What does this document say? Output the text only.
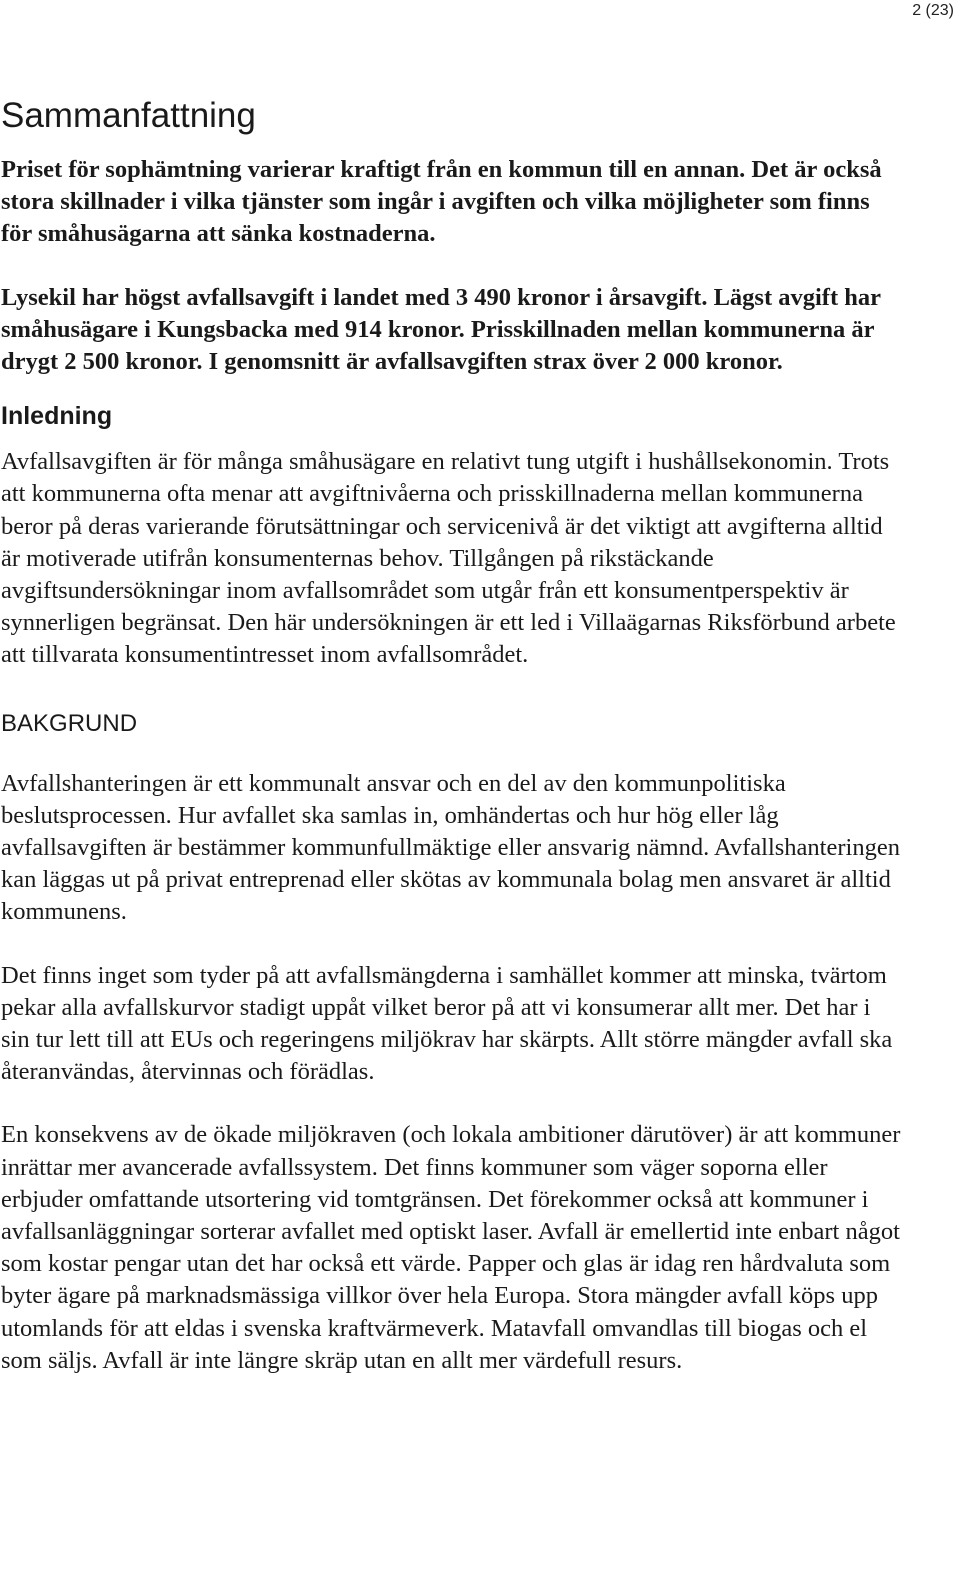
2 (23)
Sammanfattning

Priset för sophämtning varierar kraftigt från en kommun till en annan. Det är också stora skillnader i vilka tjänster som ingår i avgiften och vilka möjligheter som finns för småhusägarna att sänka kostnaderna.

Lysekil har högst avfallsavgift i landet med 3 490 kronor i årsavgift. Lägst avgift har småhusägare i Kungsbacka med 914 kronor. Prisskillnaden mellan kommunerna är drygt 2 500 kronor. I genomsnitt är avfallsavgiften strax över 2 000 kronor.

Inledning

Avfallsavgiften är för många småhusägare en relativt tung utgift i hushållsekonomin. Trots att kommunerna ofta menar att avgiftnivåerna och prisskillnaderna mellan kommunerna beror på deras varierande förutsättningar och servicenivå är det viktigt att avgifterna alltid är motiverade utifrån konsumenternas behov. Tillgången på rikstäckande avgiftsundersökningar inom avfallsområdet som utgår från ett konsumentperspektiv är synnerligen begränsat. Den här undersökningen är ett led i Villaägarnas Riksförbund arbete att tillvarata konsumentintresset inom avfallsområdet.

BAKGRUND

Avfallshanteringen är ett kommunalt ansvar och en del av den kommunpolitiska beslutsprocessen. Hur avfallet ska samlas in, omhändertas och hur hög eller låg avfallsavgiften är bestämmer kommunfullmäktige eller ansvarig nämnd. Avfallshanteringen kan läggas ut på privat entreprenad eller skötas av kommunala bolag men ansvaret är alltid kommunens.

Det finns inget som tyder på att avfallsmängderna i samhället kommer att minska, tvärtom pekar alla avfallskurvor stadigt uppåt vilket beror på att vi konsumerar allt mer. Det har i sin tur lett till att EUs och regeringens miljökrav har skärpts. Allt större mängder avfall ska återanvändas, återvinnas och förädlas.

En konsekvens av de ökade miljökraven (och lokala ambitioner därutöver) är att kommuner inrättar mer avancerade avfallssystem. Det finns kommuner som väger soporna eller erbjuder omfattande utsortering vid tomtgränsen. Det förekommer också att kommuner i avfallsanläggningar sorterar avfallet med optiskt laser. Avfall är emellertid inte enbart något som kostar pengar utan det har också ett värde. Papper och glas är idag ren hårdvaluta som byter ägare på marknadsmässiga villkor över hela Europa. Stora mängder avfall köps upp utomlands för att eldas i svenska kraftvärmeverk. Matavfall omvandlas till biogas och el som säljs. Avfall är inte längre skräp utan en allt mer värdefull resurs.
